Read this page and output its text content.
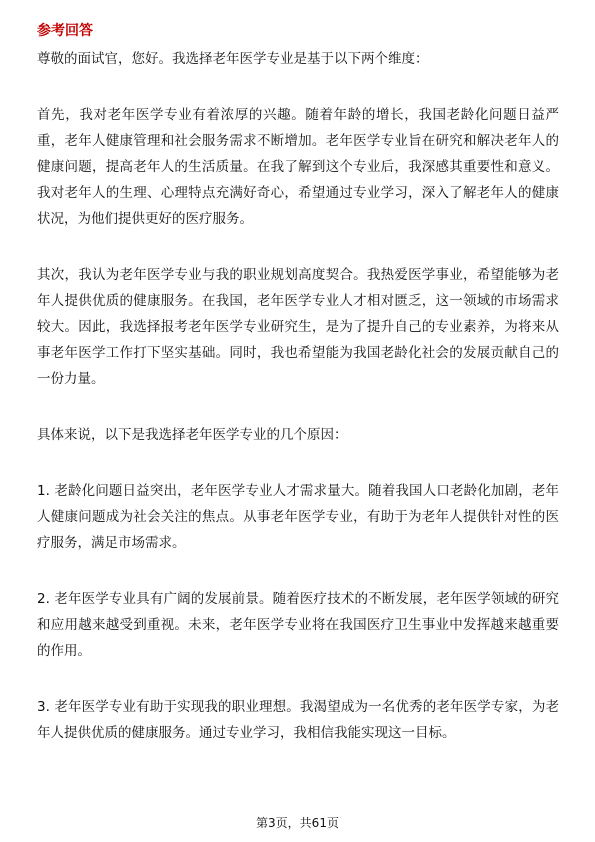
参考回答

尊敬的面试官，您好。我选择老年医学专业是基于以下两个维度：

首先，我对老年医学专业有着浓厚的兴趣。随着年龄的增长，我国老龄化问题日益严重，老年人健康管理和社会服务需求不断增加。老年医学专业旨在研究和解决老年人的健康问题，提高老年人的生活质量。在我了解到这个专业后，我深感其重要性和意义。我对老年人的生理、心理特点充满好奇心，希望通过专业学习，深入了解老年人的健康状况，为他们提供更好的医疗服务。

其次，我认为老年医学专业与我的职业规划高度契合。我热爱医学事业，希望能够为老年人提供优质的健康服务。在我国，老年医学专业人才相对匮乏，这一领域的市场需求较大。因此，我选择报考老年医学专业研究生，是为了提升自己的专业素养，为将来从事老年医学工作打下坚实基础。同时，我也希望能为我国老龄化社会的发展贡献自己的一份力量。

具体来说，以下是我选择老年医学专业的几个原因：

1. 老龄化问题日益突出，老年医学专业人才需求量大。随着我国人口老龄化加剧，老年人健康问题成为社会关注的焦点。从事老年医学专业，有助于为老年人提供针对性的医疗服务，满足市场需求。

2. 老年医学专业具有广阔的发展前景。随着医疗技术的不断发展，老年医学领域的研究和应用越来越受到重视。未来，老年医学专业将在我国医疗卫生事业中发挥越来越重要的作用。

3. 老年医学专业有助于实现我的职业理想。我渴望成为一名优秀的老年医学专家，为老年人提供优质的健康服务。通过专业学习，我相信我能实现这一目标。

第3页，共61页
